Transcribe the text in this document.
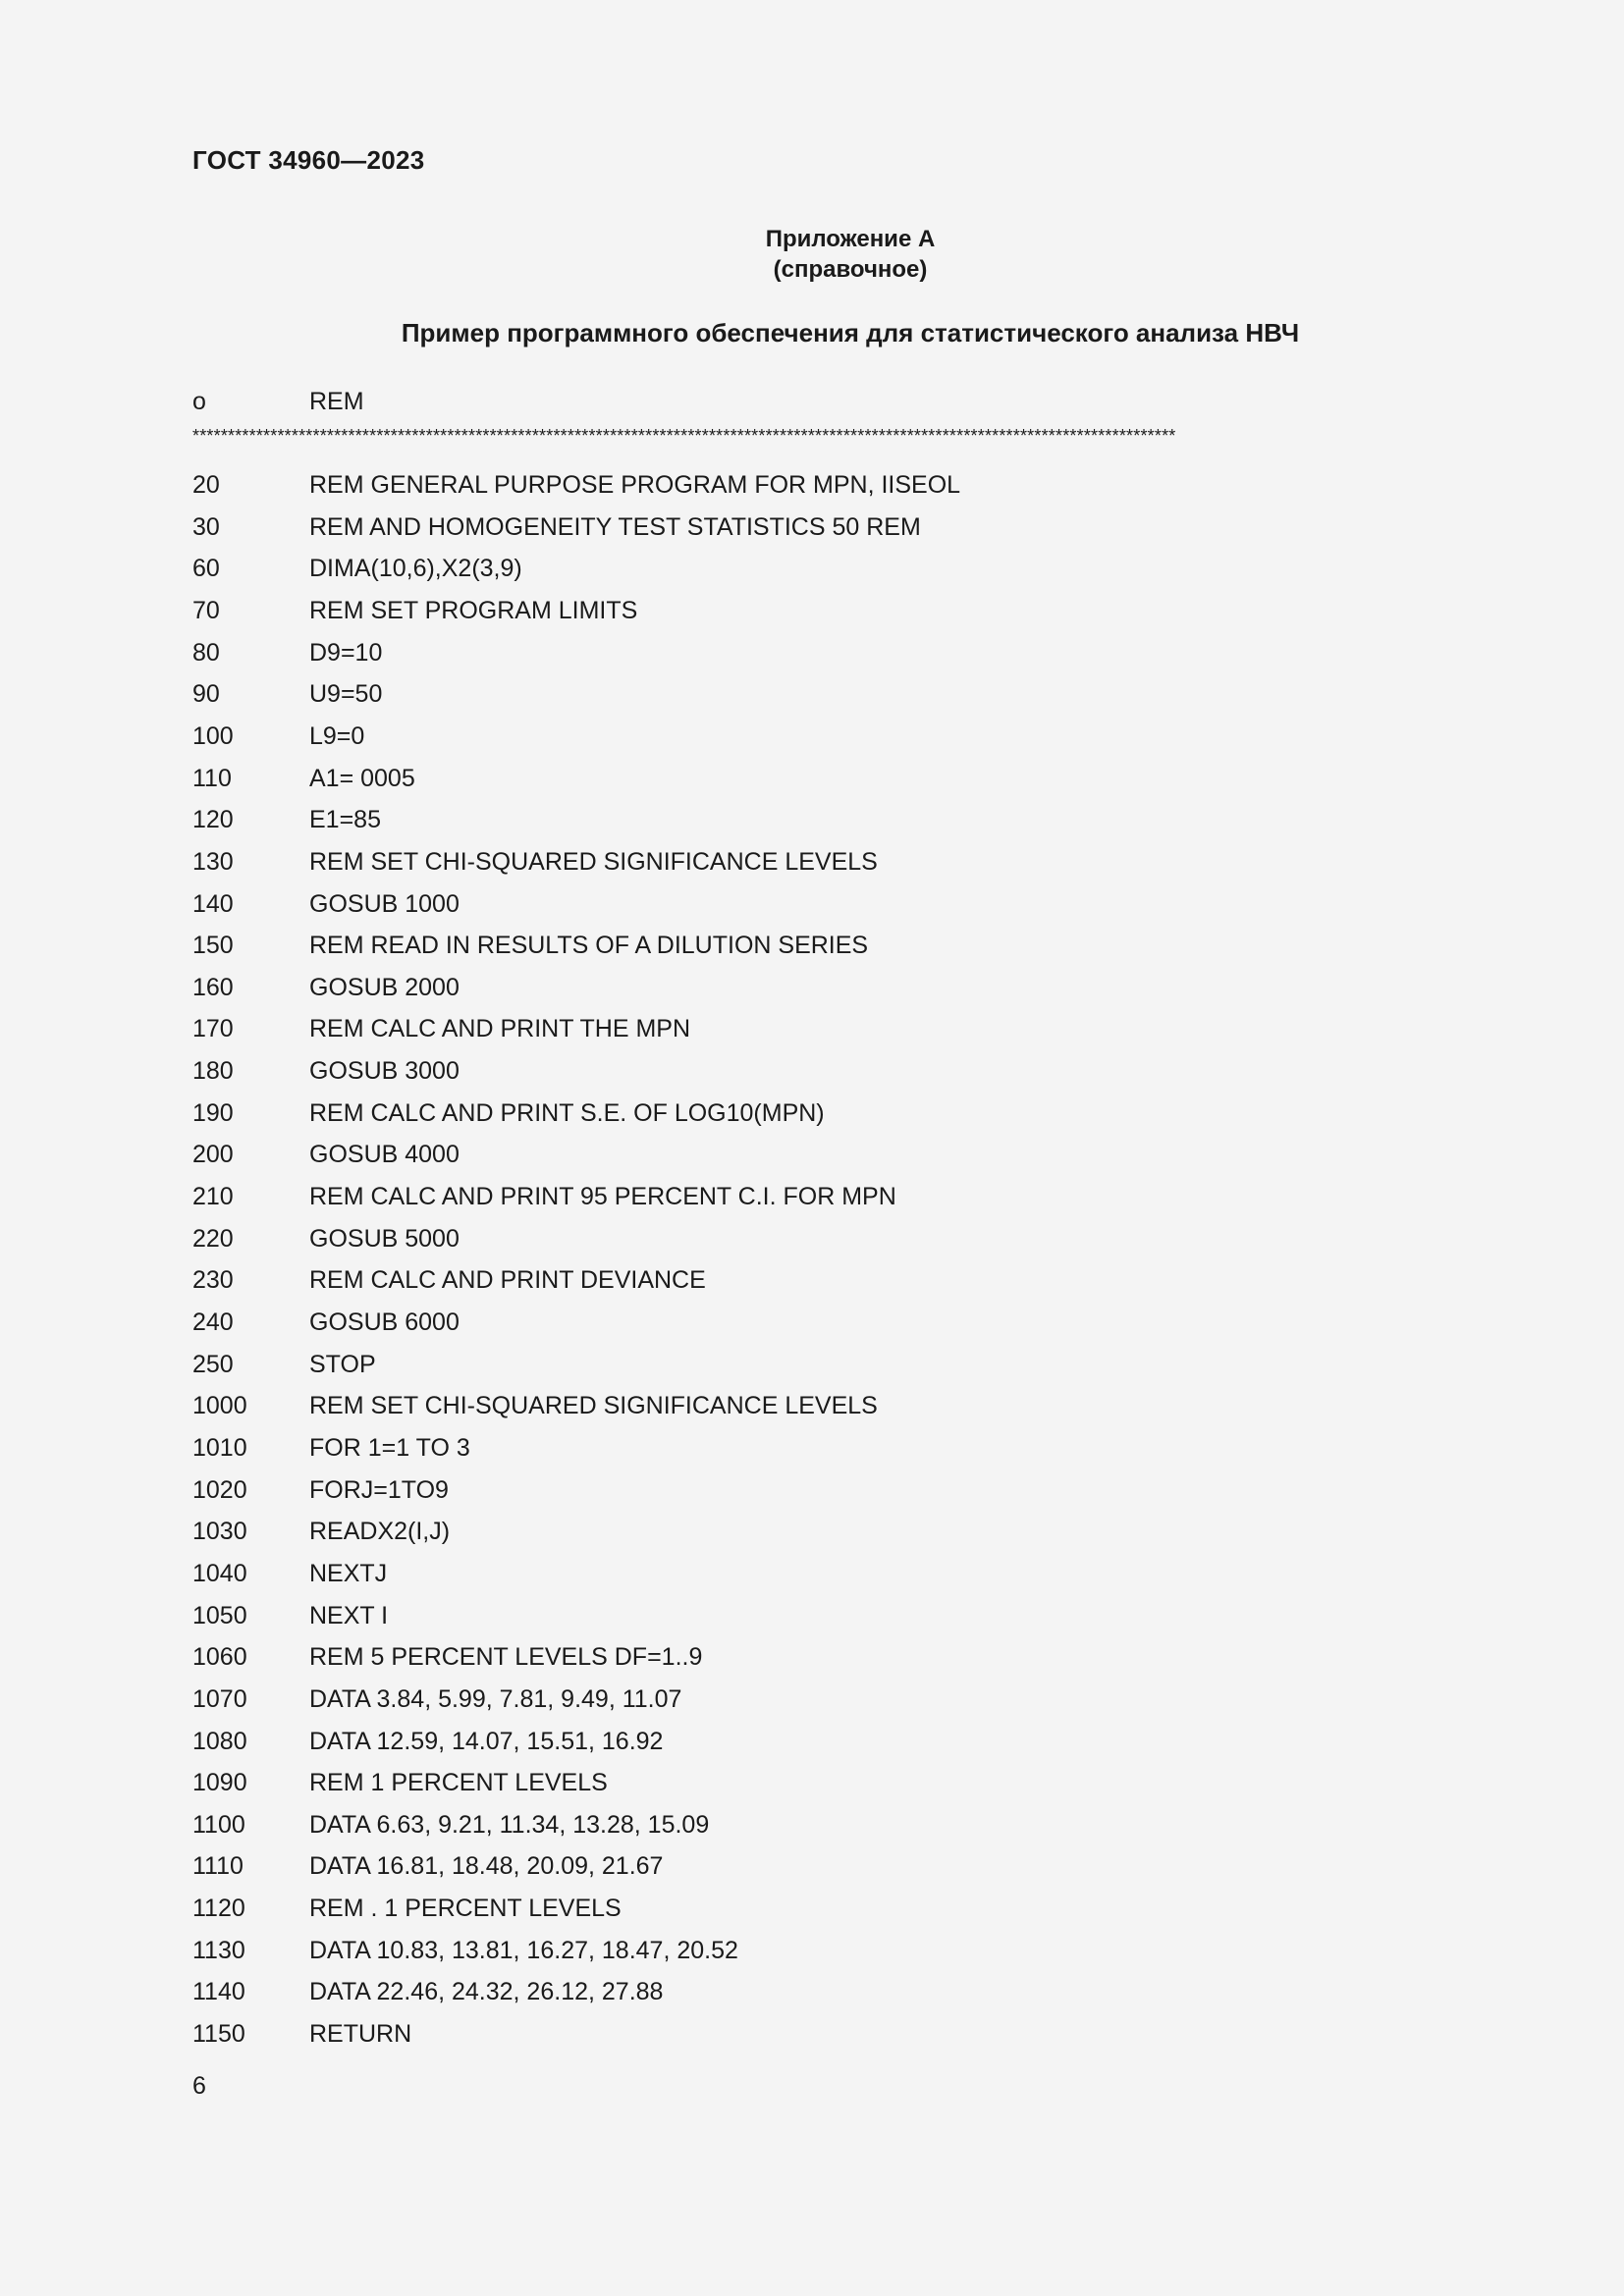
ГОСТ 34960—2023
Приложение А
(справочное)
Пример программного обеспечения для статистического анализа НВЧ
о	REM
*******************************************************************************************************************************************
20	REM GENERAL PURPOSE PROGRAM FOR MPN, IISEOL
30	REM AND HOMOGENEITY TEST STATISTICS 50 REM
60	DIMA(10,6),X2(3,9)
70	REM SET PROGRAM LIMITS
80	D9=10
90	U9=50
100	L9=0
110	A1= 0005
120	E1=85
130	REM SET CHI-SQUARED SIGNIFICANCE LEVELS
140	GOSUB 1000
150	REM READ IN RESULTS OF A DILUTION SERIES
160	GOSUB 2000
170	REM CALC AND PRINT THE MPN
180	GOSUB 3000
190	REM CALC AND PRINT S.E. OF LOG10(MPN)
200	GOSUB 4000
210	REM CALC AND PRINT 95 PERCENT C.I. FOR MPN
220	GOSUB 5000
230	REM CALC AND PRINT DEVIANCE
240	GOSUB 6000
250	STOP
1000	REM SET CHI-SQUARED SIGNIFICANCE LEVELS
1010	FOR 1=1 TO 3
1020	FORJ=1TO9
1030	READX2(I,J)
1040	NEXTJ
1050	NEXT I
1060	REM 5 PERCENT LEVELS DF=1..9
1070	DATA 3.84, 5.99, 7.81, 9.49, 11.07
1080	DATA 12.59, 14.07, 15.51, 16.92
1090	REM 1 PERCENT LEVELS
1100	DATA 6.63, 9.21, 11.34, 13.28, 15.09
1110	DATA 16.81, 18.48, 20.09, 21.67
1120	REM . 1 PERCENT LEVELS
1130	DATA 10.83, 13.81, 16.27, 18.47, 20.52
1140	DATA 22.46, 24.32, 26.12, 27.88
1150	RETURN
6
